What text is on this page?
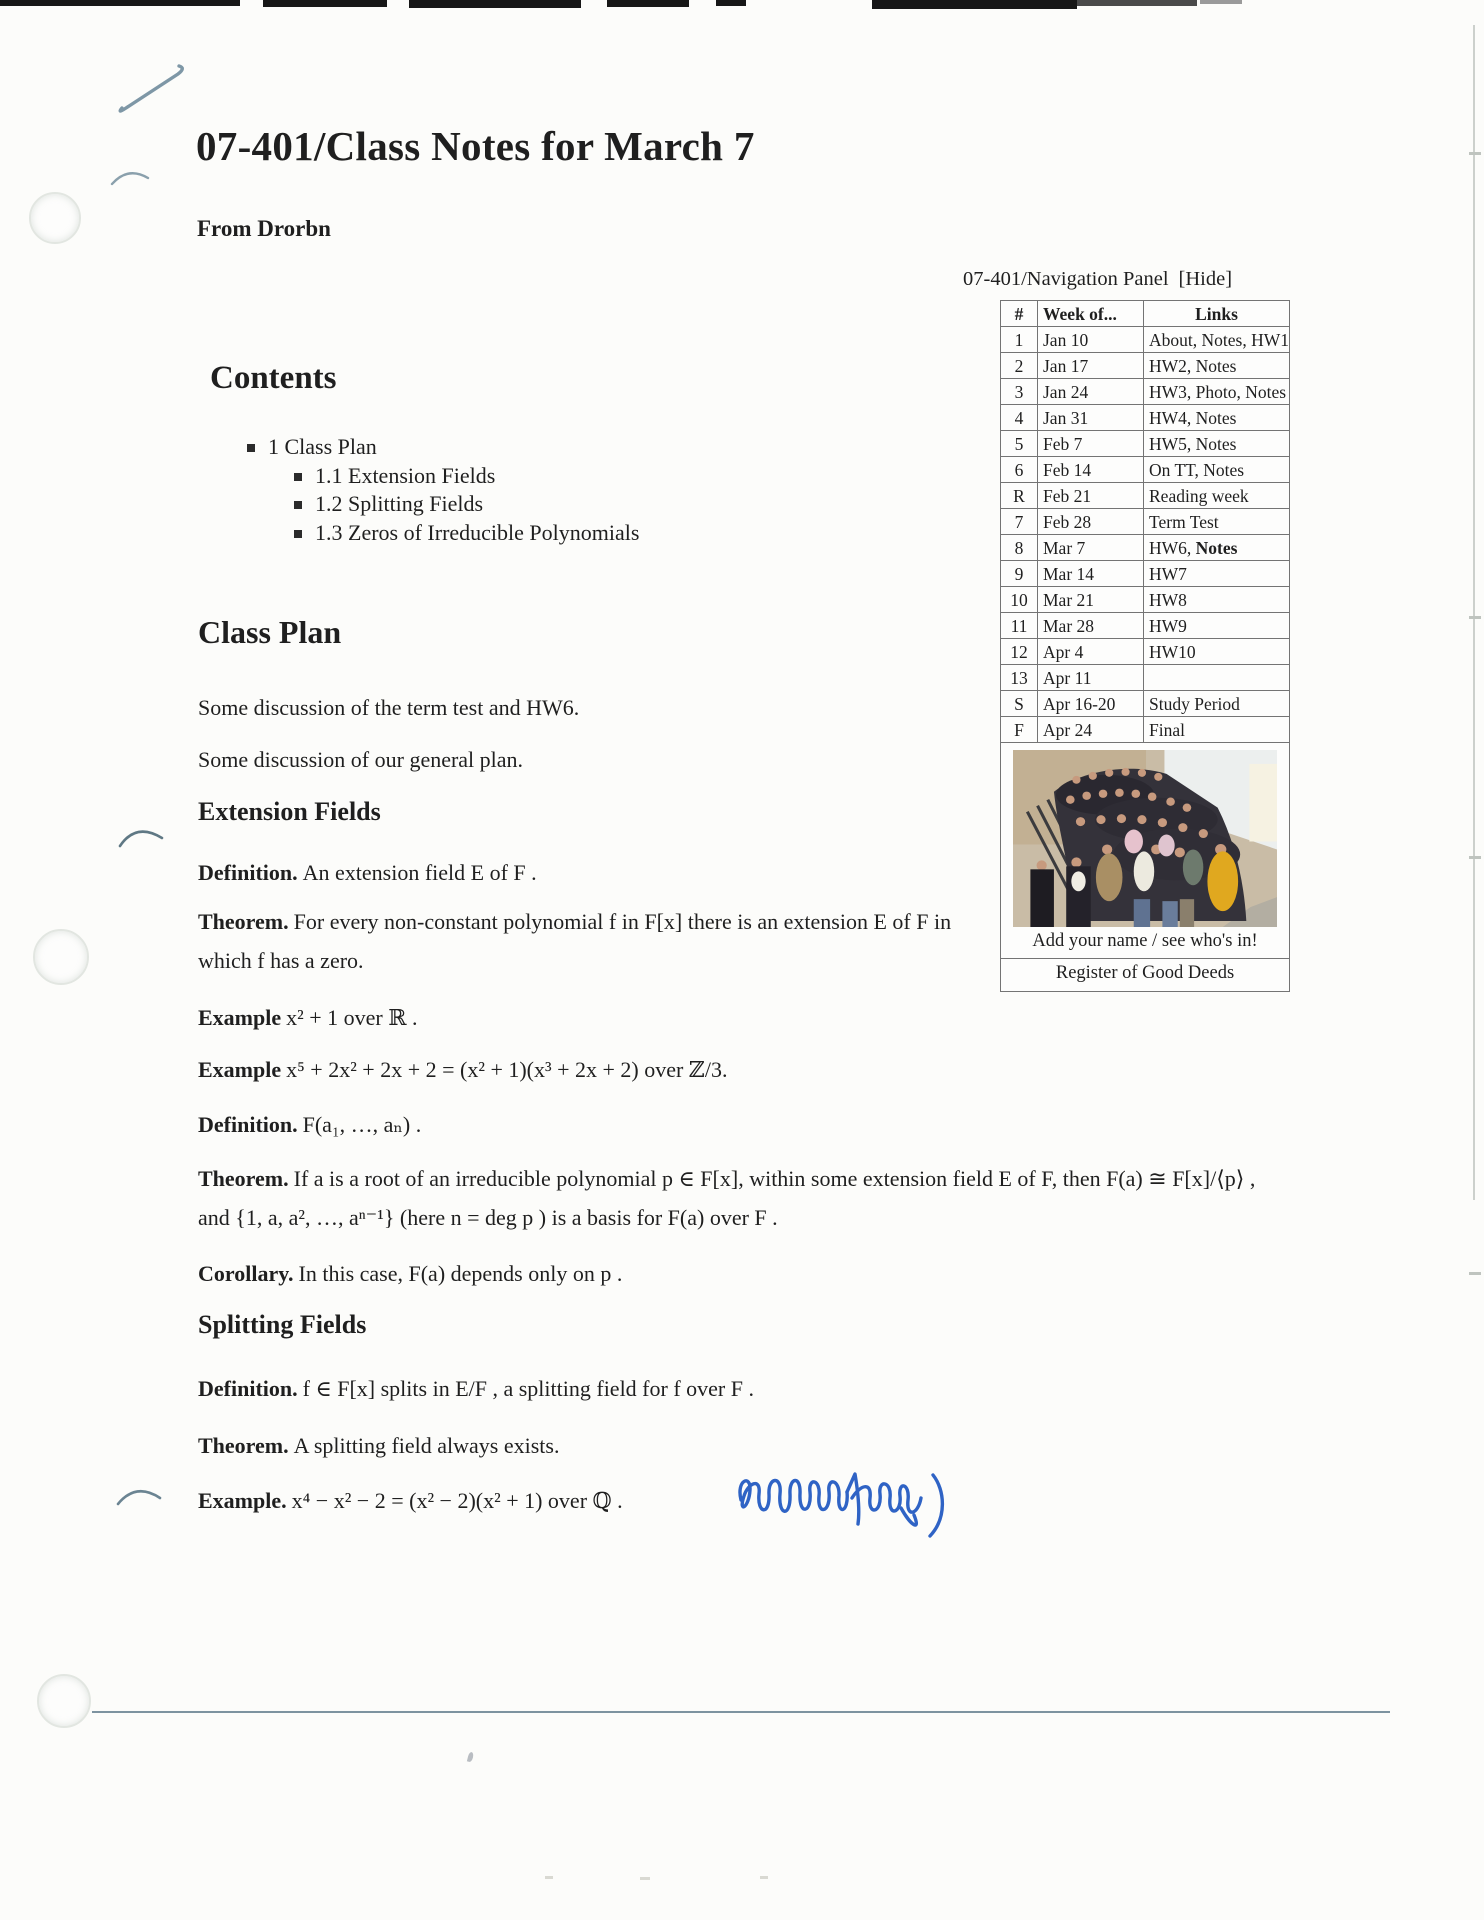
07-401/Class Notes for March 7
From Drorbn
Contents
1 Class Plan
1.1 Extension Fields
1.2 Splitting Fields
1.3 Zeros of Irreducible Polynomials
Class Plan
Some discussion of the term test and HW6.
Some discussion of our general plan.
Extension Fields
Definition. An extension field E of F .
Theorem. For every non-constant polynomial f in F[x] there is an extension E of F in which f has a zero.
Example x² + 1 over ℝ .
Example x⁵ + 2x² + 2x + 2 = (x² + 1)(x³ + 2x + 2) over ℤ/3.
Definition. F(a₁, …, aₙ) .
Theorem. If a is a root of an irreducible polynomial p ∈ F[x], within some extension field E of F, then F(a) ≅ F[x]/⟨p⟩ , and {1, a, a², …, aⁿ⁻¹} (here n = deg p ) is a basis for F(a) over F .
Corollary. In this case, F(a) depends only on p .
Splitting Fields
Definition. f ∈ F[x] splits in E/F , a splitting field for f over F .
Theorem. A splitting field always exists.
Example. x⁴ − x² − 2 = (x² − 2)(x² + 1) over ℚ .
07-401/Navigation Panel [Hide]
#	Week of...	Links
1	Jan 10	About, Notes, HW1
2	Jan 17	HW2, Notes
3	Jan 24	HW3, Photo, Notes
4	Jan 31	HW4, Notes
5	Feb 7	HW5, Notes
6	Feb 14	On TT, Notes
R	Feb 21	Reading week
7	Feb 28	Term Test
8	Mar 7	HW6, Notes
9	Mar 14	HW7
10	Mar 21	HW8
11	Mar 28	HW9
12	Apr 4	HW10
13	Apr 11	
S	Apr 16-20	Study Period
F	Apr 24	Final
Add your name / see who's in!
Register of Good Deeds
